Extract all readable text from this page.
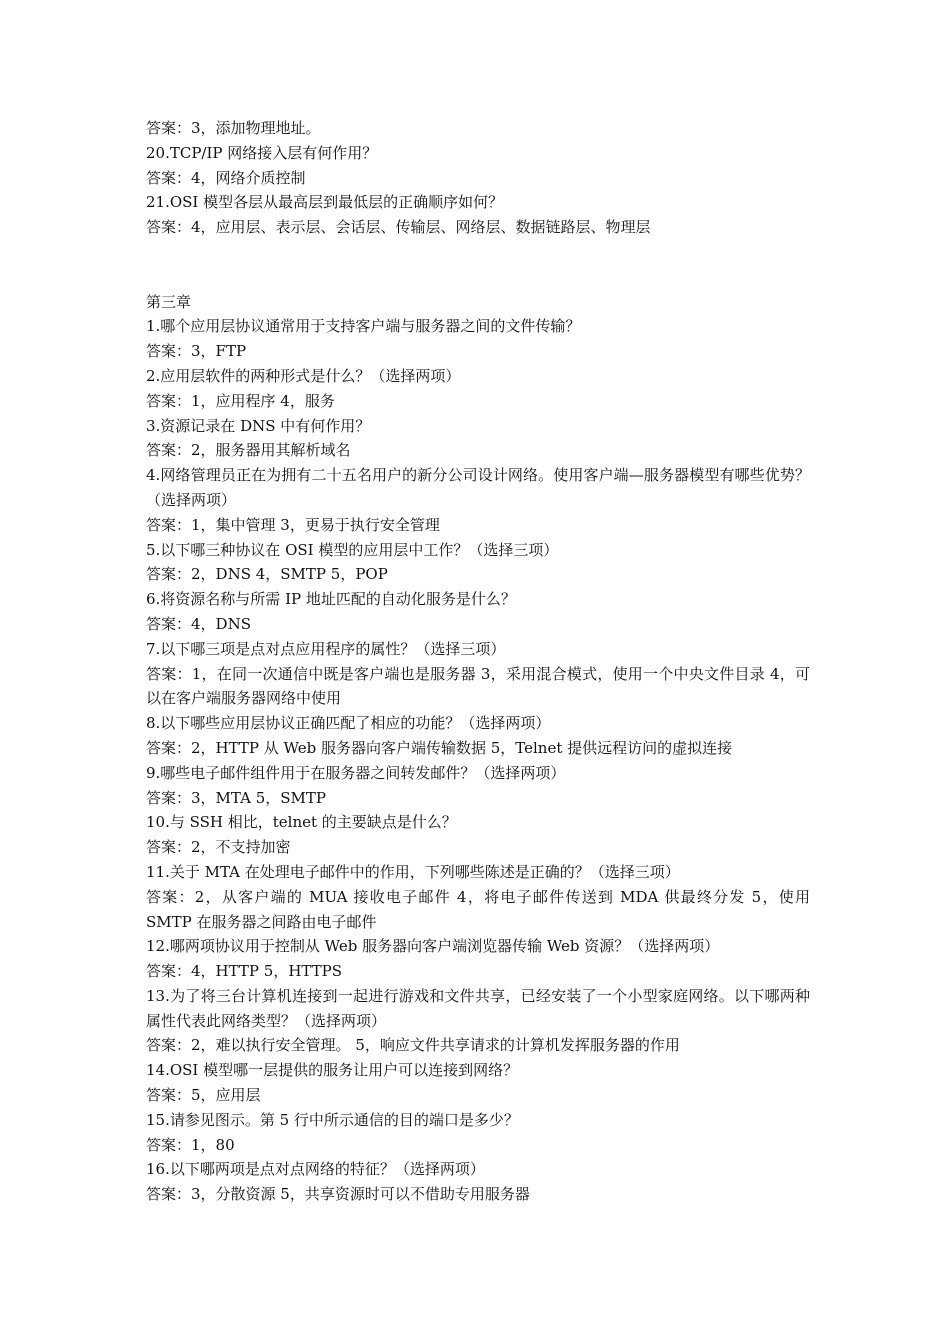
答案：3，添加物理地址。

20.TCP/IP 网络接入层有何作用？

答案：4，网络介质控制

21.OSI 模型各层从最高层到最低层的正确顺序如何？

答案：4，应用层、表示层、会话层、传输层、网络层、数据链路层、物理层

第三章

1.哪个应用层协议通常用于支持客户端与服务器之间的文件传输？

答案：3，FTP

2.应用层软件的两种形式是什么？（选择两项）

答案：1，应用程序 4，服务

3.资源记录在 DNS 中有何作用？

答案：2，服务器用其解析域名

4.网络管理员正在为拥有二十五名用户的新分公司设计网络。使用客户端—服务器模型有哪些优势？（选择两项）

答案：1，集中管理 3，更易于执行安全管理

5.以下哪三种协议在 OSI 模型的应用层中工作？（选择三项）

答案：2，DNS 4，SMTP 5，POP

6.将资源名称与所需 IP 地址匹配的自动化服务是什么？

答案：4，DNS

7.以下哪三项是点对点应用程序的属性？（选择三项）

答案：1，在同一次通信中既是客户端也是服务器 3，采用混合模式，使用一个中央文件目录 4，可以在客户端服务器网络中使用

8.以下哪些应用层协议正确匹配了相应的功能？（选择两项）

答案：2，HTTP 从 Web 服务器向客户端传输数据 5，Telnet 提供远程访问的虚拟连接

9.哪些电子邮件组件用于在服务器之间转发邮件？（选择两项）

答案：3，MTA 5，SMTP

10.与 SSH 相比，telnet 的主要缺点是什么？

答案：2，不支持加密

11.关于 MTA 在处理电子邮件中的作用，下列哪些陈述是正确的？（选择三项）

答案：2，从客户端的 MUA 接收电子邮件 4，将电子邮件传送到 MDA 供最终分发 5，使用 SMTP 在服务器之间路由电子邮件

12.哪两项协议用于控制从 Web 服务器向客户端浏览器传输 Web 资源？（选择两项）

答案：4，HTTP 5，HTTPS

13.为了将三台计算机连接到一起进行游戏和文件共享，已经安装了一个小型家庭网络。以下哪两种属性代表此网络类型？（选择两项）

答案：2，难以执行安全管理。 5，响应文件共享请求的计算机发挥服务器的作用

14.OSI 模型哪一层提供的服务让用户可以连接到网络？

答案：5，应用层

15.请参见图示。第 5 行中所示通信的目的端口是多少？

答案：1，80

16.以下哪两项是点对点网络的特征？（选择两项）

答案：3，分散资源 5，共享资源时可以不借助专用服务器
